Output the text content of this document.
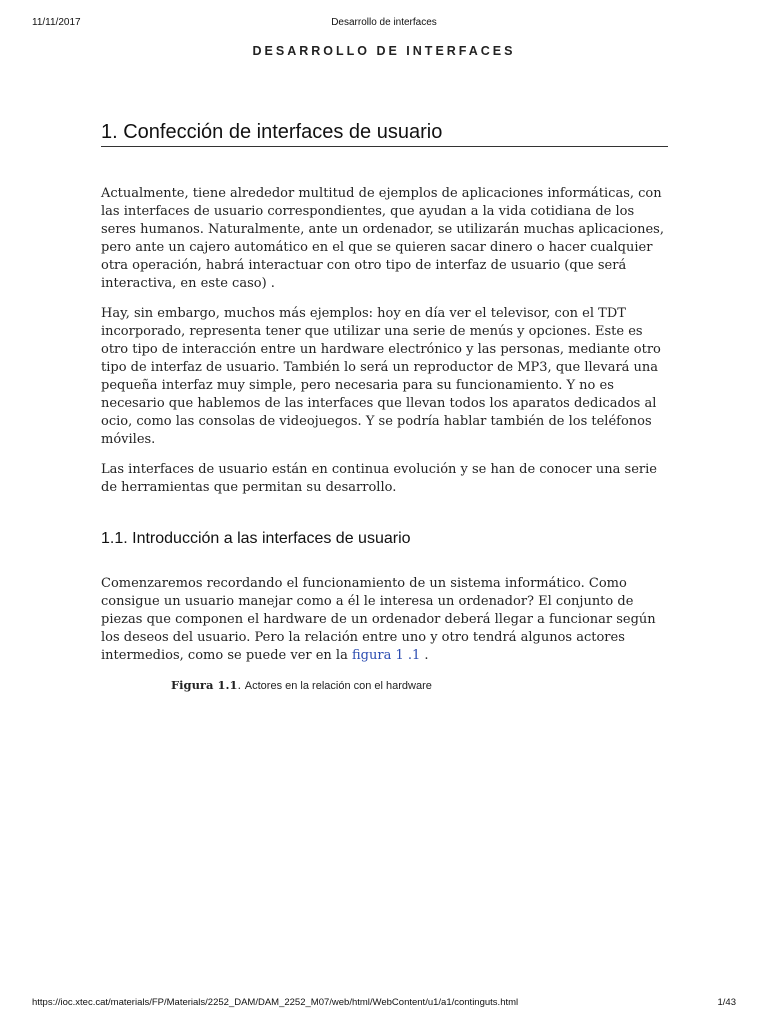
11/11/2017	Desarrollo de interfaces
DESARROLLO DE INTERFACES
1. Confección de interfaces de usuario

Actualmente, tiene alrededor multitud de ejemplos de aplicaciones informáticas, con las interfaces de usuario correspondientes, que ayudan a la vida cotidiana de los seres humanos. Naturalmente, ante un ordenador, se utilizarán muchas aplicaciones, pero ante un cajero automático en el que se quieren sacar dinero o hacer cualquier otra operación, habrá interactuar con otro tipo de interfaz de usuario (que será interactiva, en este caso) .

Hay, sin embargo, muchos más ejemplos: hoy en día ver el televisor, con el TDT incorporado, representa tener que utilizar una serie de menús y opciones. Este es otro tipo de interacción entre un hardware electrónico y las personas, mediante otro tipo de interfaz de usuario. También lo será un reproductor de MP3, que llevará una pequeña interfaz muy simple, pero necesaria para su funcionamiento. Y no es necesario que hablemos de las interfaces que llevan todos los aparatos dedicados al ocio, como las consolas de videojuegos. Y se podría hablar también de los teléfonos móviles.

Las interfaces de usuario están en continua evolución y se han de conocer una serie de herramientas que permitan su desarrollo.

1.1. Introducción a las interfaces de usuario

Comenzaremos recordando el funcionamiento de un sistema informático. Como consigue un usuario manejar como a él le interesa un ordenador? El conjunto de piezas que componen el hardware de un ordenador deberá llegar a funcionar según los deseos del usuario. Pero la relación entre uno y otro tendrá algunos actores intermedios, como se puede ver en la figura 1 .1 .

Figura 1.1. Actores en la relación con el hardware
https://ioc.xtec.cat/materials/FP/Materials/2252_DAM/DAM_2252_M07/web/html/WebContent/u1/a1/continguts.html	1/43
